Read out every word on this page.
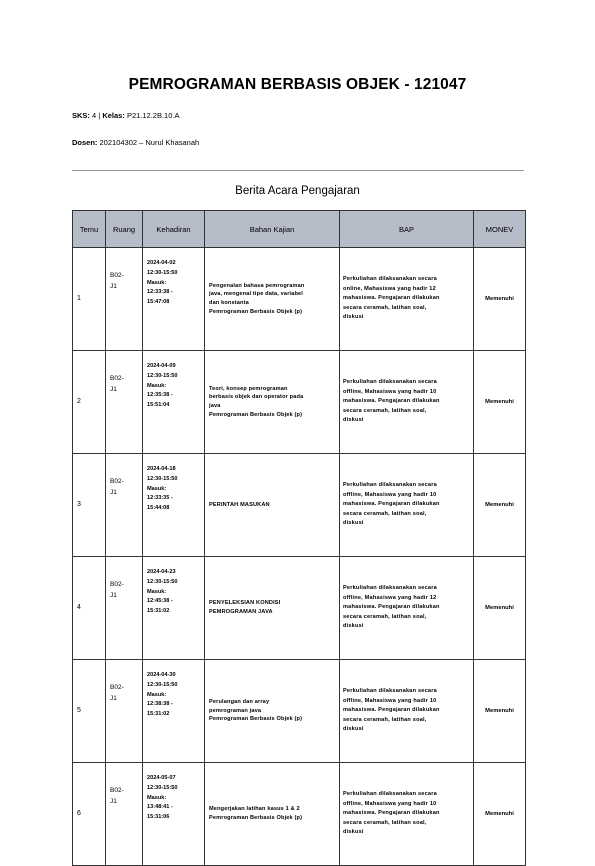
PEMROGRAMAN BERBASIS OBJEK - 121047
SKS: 4 | Kelas: P21.12.2B.10.A
Dosen: 202104302 – Nurul Khasanah
Berita Acara Pengajaran
Temu	Ruang	Kehadiran	Bahan Kajian	BAP	MONEV
1	B02-
J1	2024-04-02
12:30-15:50
Masuk:
12:33:38 -
15:47:08	Pengenalan bahasa pemrograman
java, mengenal tipe data, variabel
dan konstanta
Pemrograman Berbasis Objek (p)	Perkuliahan dilaksanakan secara
online, Mahasiswa yang hadir 12
mahasiswa. Pengajaran dilakukan
secara ceramah, latihan soal,
diskusi	Memenuhi
2	B02-
J1	2024-04-09
12:30-15:50
Masuk:
12:35:38 -
15:51:04	Teori, konsep pemrograman
berbasis objek dan operator pada
java
Pemrograman Berbasis Objek (p)	Perkuliahan dilaksanakan secara
offline, Mahasiswa yang hadir 10
mahasiswa. Pengajaran dilakukan
secara ceramah, latihan soal,
diskusi	Memenuhi
3	B02-
J1	2024-04-18
12:30-15:50
Masuk:
12:33:35 -
15:44:08	PERINTAH MASUKAN	Perkuliahan dilaksanakan secara
offline, Mahasiswa yang hadir 10
mahasiswa. Pengajaran dilakukan
secara ceramah, latihan soal,
diskusi	Memenuhi
4	B02-
J1	2024-04-23
12:30-15:50
Masuk:
12:45:38 -
15:31:02	PENYELEKSIAN KONDISI
PEMROGRAMAN JAVA	Perkuliahan dilaksanakan secara
offline, Mahasiswa yang hadir 12
mahasiswa. Pengajaran dilakukan
secara ceramah, latihan soal,
diskusi	Memenuhi
5	B02-
J1	2024-04-30
12:30-15:50
Masuk:
12:38:38 -
15:31:02	Perulangan dan array
pemrograman java
Pemrograman Berbasis Objek (p)	Perkuliahan dilaksanakan secara
offline, Mahasiswa yang hadir 10
mahasiswa. Pengajaran dilakukan
secara ceramah, latihan soal,
diskusi	Memenuhi
6	B02-
J1	2024-05-07
12:30-15:50
Masuk:
13:48:41 -
15:31:06	Mengerjakan latihan kasus 1 & 2
Pemrograman Berbasis Objek (p)	Perkuliahan dilaksanakan secara
offline, Mahasiswa yang hadir 10
mahasiswa. Pengajaran dilakukan
secara ceramah, latihan soal,
diskusi	Memenuhi
